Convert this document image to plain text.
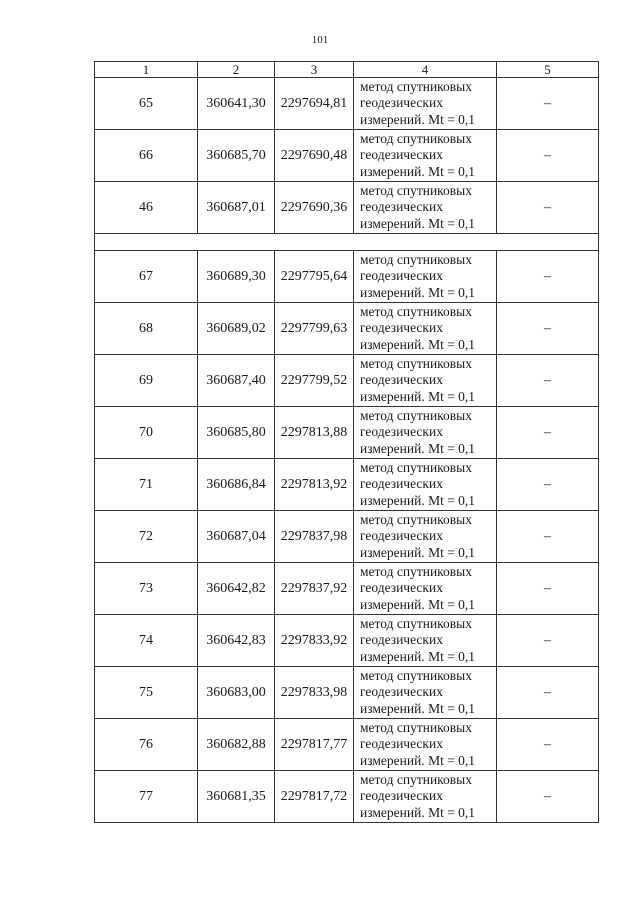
101
1	2	3	4	5
65	360641,30	2297694,81	метод спутниковых
геодезических
измерений. Mt = 0,1	–
66	360685,70	2297690,48	метод спутниковых
геодезических
измерений. Mt = 0,1	–
46	360687,01	2297690,36	метод спутниковых
геодезических
измерений. Mt = 0,1	–

67	360689,30	2297795,64	метод спутниковых
геодезических
измерений. Mt = 0,1	–
68	360689,02	2297799,63	метод спутниковых
геодезических
измерений. Mt = 0,1	–
69	360687,40	2297799,52	метод спутниковых
геодезических
измерений. Mt = 0,1	–
70	360685,80	2297813,88	метод спутниковых
геодезических
измерений. Mt = 0,1	–
71	360686,84	2297813,92	метод спутниковых
геодезических
измерений. Mt = 0,1	–
72	360687,04	2297837,98	метод спутниковых
геодезических
измерений. Mt = 0,1	–
73	360642,82	2297837,92	метод спутниковых
геодезических
измерений. Mt = 0,1	–
74	360642,83	2297833,92	метод спутниковых
геодезических
измерений. Mt = 0,1	–
75	360683,00	2297833,98	метод спутниковых
геодезических
измерений. Mt = 0,1	–
76	360682,88	2297817,77	метод спутниковых
геодезических
измерений. Mt = 0,1	–
77	360681,35	2297817,72	метод спутниковых
геодезических
измерений. Mt = 0,1	–
